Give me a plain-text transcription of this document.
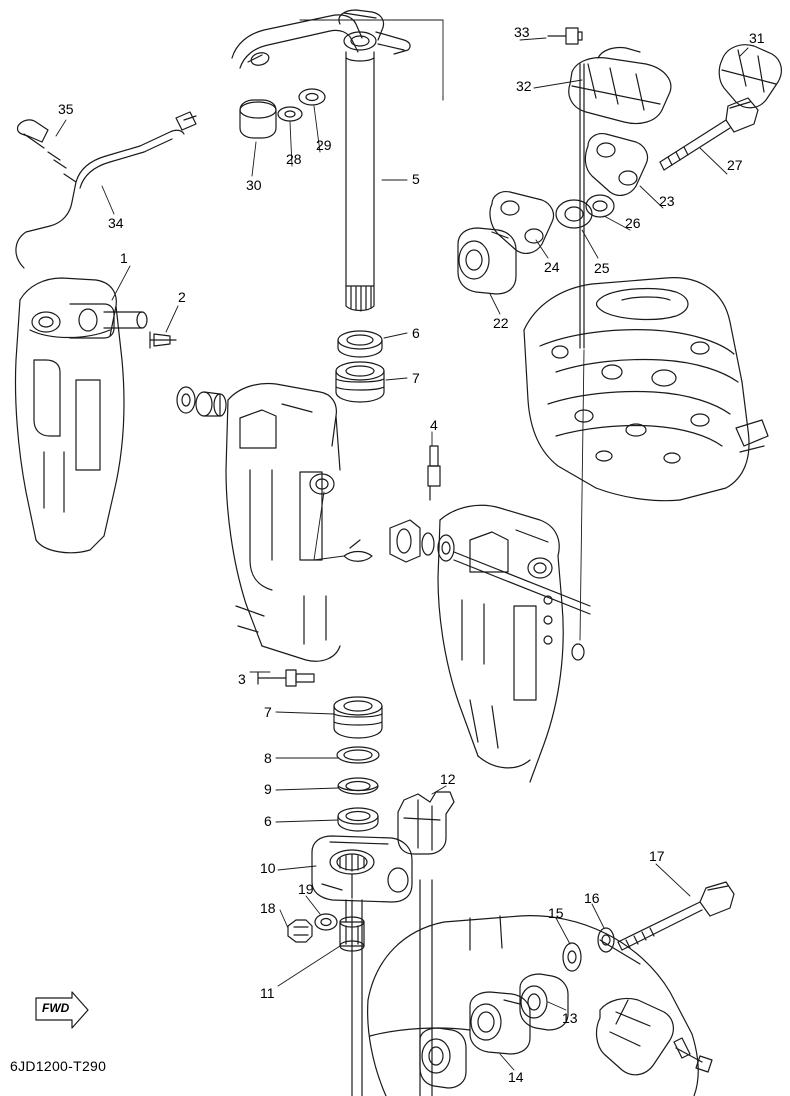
FWD
6JD1200-T290
1
2
3
4
5
6
7
7
8
9
6
10
11
12
13
14
15
16
17
18
19
22
23
24 25
26
27
28
29
30
31
32
33
34
35
